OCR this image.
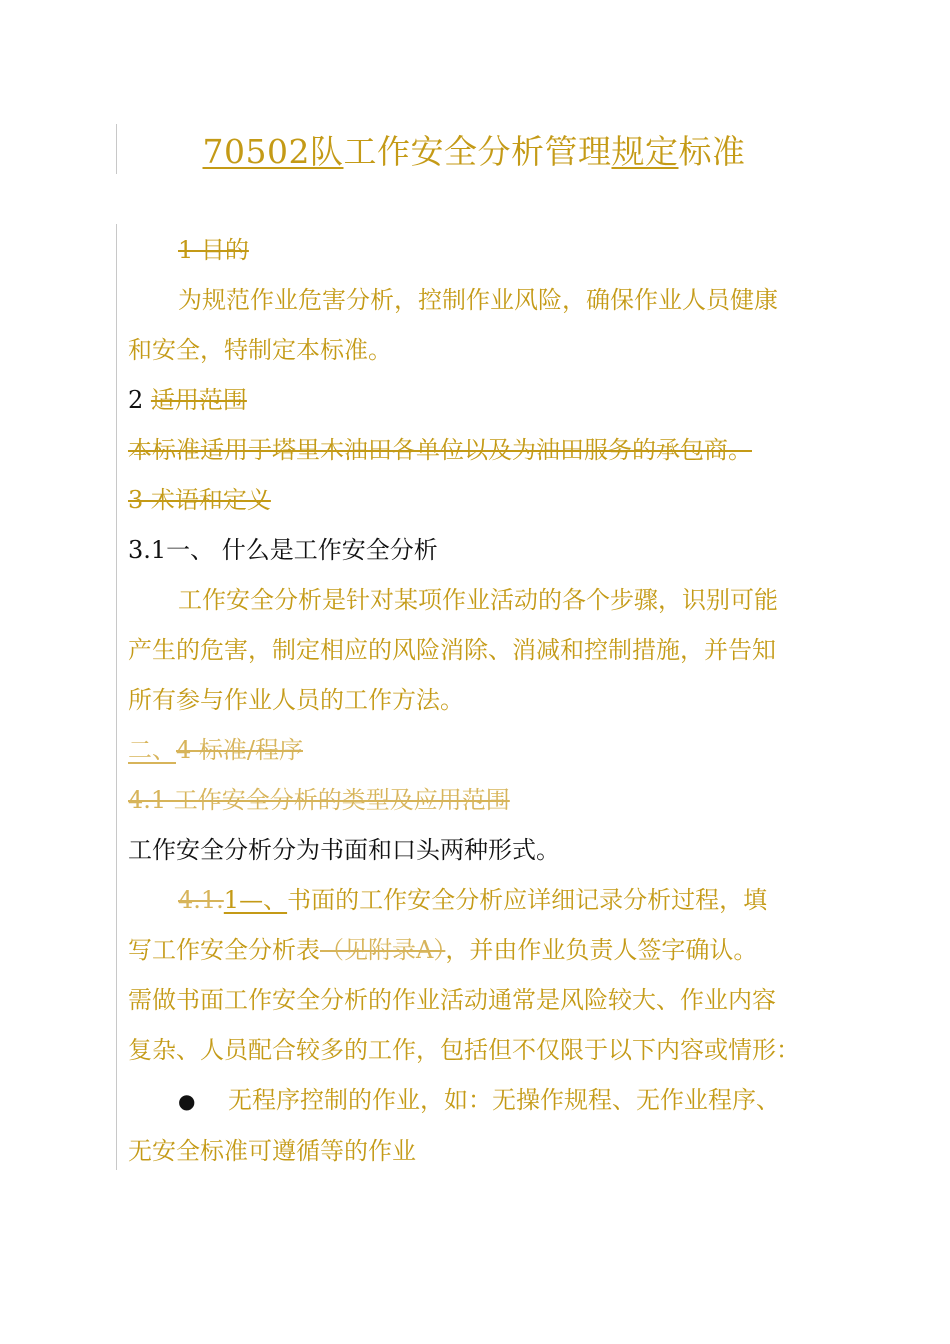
70502队工作安全分析管理规定标准

1 目的

为规范作业危害分析，控制作业风险，确保作业人员健康

和安全，特制定本标准。

2 适用范围

本标准适用于塔里木油田各单位以及为油田服务的承包商。

3 术语和定义

3.1一、 什么是工作安全分析

工作安全分析是针对某项作业活动的各个步骤，识别可能

产生的危害，制定相应的风险消除、消减和控制措施，并告知

所有参与作业人员的工作方法。

二、4 标准/程序

4.1 工作安全分析的类型及应用范围

工作安全分析分为书面和口头两种形式。

4.1.1—、书面的工作安全分析应详细记录分析过程，填

写工作安全分析表（见附录A），并由作业负责人签字确认。

需做书面工作安全分析的作业活动通常是风险较大、作业内容

复杂、人员配合较多的工作，包括但不仅限于以下内容或情形：

● 无程序控制的作业，如：无操作规程、无作业程序、

无安全标准可遵循等的作业
